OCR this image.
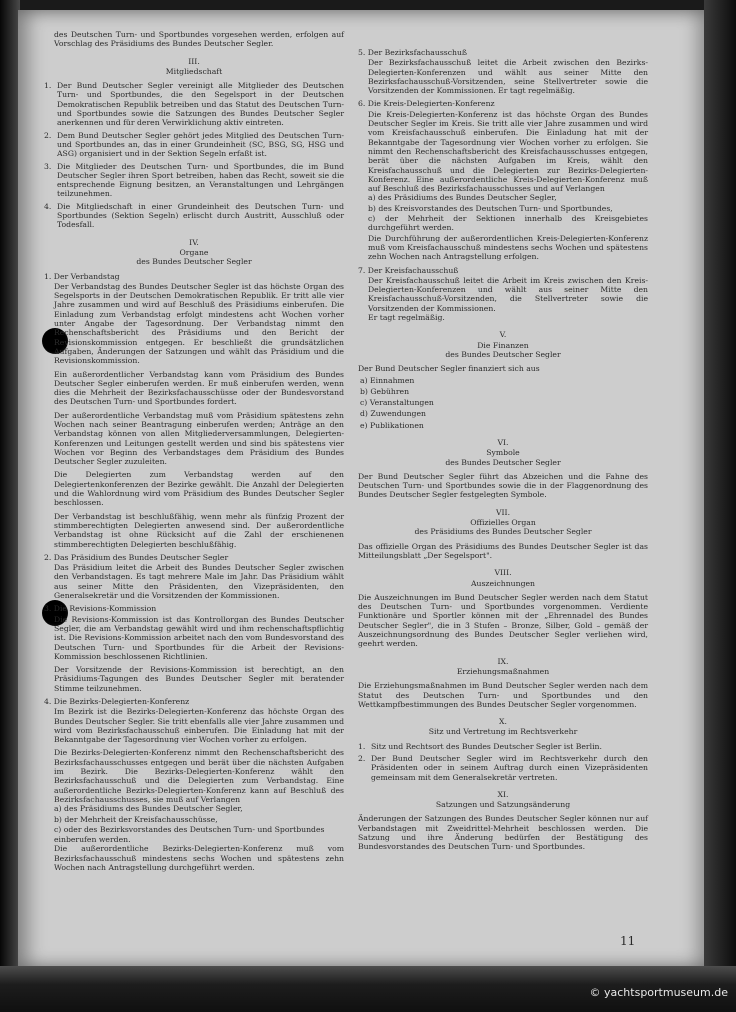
des Deutschen Turn- und Sportbundes vorgesehen werden, erfolgen auf Vorschlag des Präsidiums des Bundes Deutscher Segler.
III.
Mitgliedschaft
1. Der Bund Deutscher Segler vereinigt alle Mitglieder des Deutschen Turn- und Sportbundes, die den Segelsport in der Deutschen Demokratischen Republik betreiben und das Statut des Deutschen Turn- und Sportbundes sowie die Satzungen des Bundes Deutscher Segler anerkennen und für deren Verwirklichung aktiv eintreten.
2. Dem Bund Deutscher Segler gehört jedes Mitglied des Deutschen Turn- und Sportbundes an, das in einer Grundeinheit (SC, BSG, SG, HSG und ASG) organisiert und in der Sektion Segeln erfaßt ist.
3. Die Mitglieder des Deutschen Turn- und Sportbundes, die im Bund Deutscher Segler ihren Sport betreiben, haben das Recht, soweit sie die entsprechende Eignung besitzen, an Veranstaltungen und Lehrgängen teilzunehmen.
4. Die Mitgliedschaft in einer Grundeinheit des Deutschen Turn- und Sportbundes (Sektion Segeln) erlischt durch Austritt, Ausschluß oder Todesfall.
IV.
Organe
des Bundes Deutscher Segler
1. Der Verbandstag
Der Verbandstag des Bundes Deutscher Segler ist das höchste Organ des Segelsports in der Deutschen Demokratischen Republik. Er tritt alle vier Jahre zusammen und wird auf Beschluß des Präsidiums einberufen. Die Einladung zum Verbandstag erfolgt mindestens acht Wochen vorher unter Angabe der Tagesordnung. Der Verbandstag nimmt den Rechenschaftsbericht des Präsidiums und den Bericht der Revisionskommission entgegen. Er beschließt die grundsätzlichen Aufgaben, Änderungen der Satzungen und wählt das Präsidium und die Revisionskommission.
Ein außerordentlicher Verbandstag kann vom Präsidium des Bundes Deutscher Segler einberufen werden. Er muß einberufen werden, wenn dies die Mehrheit der Bezirksfachausschüsse oder der Bundesvorstand des Deutschen Turn- und Sportbundes fordert.
Der außerordentliche Verbandstag muß vom Präsidium spätestens zehn Wochen nach seiner Beantragung einberufen werden; Anträge an den Verbandstag können von allen Mitgliederversammlungen, Delegierten-Konferenzen und Leitungen gestellt werden und sind bis spätestens vier Wochen vor Beginn des Verbandstages dem Präsidium des Bundes Deutscher Segler zuzuleiten.
Die Delegierten zum Verbandstag werden auf den Delegiertenkonferenzen der Bezirke gewählt. Die Anzahl der Delegierten und die Wahlordnung wird vom Präsidium des Bundes Deutscher Segler beschlossen.
Der Verbandstag ist beschlußfähig, wenn mehr als fünfzig Prozent der stimmberechtigten Delegierten anwesend sind. Der außerordentliche Verbandstag ist ohne Rücksicht auf die Zahl der erschienenen stimmberechtigten Delegierten beschlußfähig.
2. Das Präsidium des Bundes Deutscher Segler
Das Präsidium leitet die Arbeit des Bundes Deutscher Segler zwischen den Verbandstagen. Es tagt mehrere Male im Jahr. Das Präsidium wählt aus seiner Mitte den Präsidenten, den Vizepräsidenten, den Generalsekretär und die Vorsitzenden der Kommissionen.
3. Die Revisions-Kommission
Die Revisions-Kommission ist das Kontrollorgan des Bundes Deutscher Segler, die am Verbandstag gewählt wird und ihm rechenschaftspflichtig ist. Die Revisions-Kommission arbeitet nach den vom Bundesvorstand des Deutschen Turn- und Sportbundes für die Arbeit der Revisions-Kommission beschlossenen Richtlinien.
Der Vorsitzende der Revisions-Kommission ist berechtigt, an den Präsidiums-Tagungen des Bundes Deutscher Segler mit beratender Stimme teilzunehmen.
4. Die Bezirks-Delegierten-Konferenz
Im Bezirk ist die Bezirks-Delegierten-Konferenz das höchste Organ des Bundes Deutscher Segler. Sie tritt ebenfalls alle vier Jahre zusammen und wird vom Bezirksfachausschuß einberufen. Die Einladung hat mit der Bekanntgabe der Tagesordnung vier Wochen vorher zu erfolgen.
Die Bezirks-Delegierten-Konferenz nimmt den Rechenschaftsbericht des Bezirksfachausschusses entgegen und berät über die nächsten Aufgaben im Bezirk. Die Bezirks-Delegierten-Konferenz wählt den Bezirksfachausschuß und die Delegierten zum Verbandstag. Eine außerordentliche Bezirks-Delegierten-Konferenz kann auf Beschluß des Bezirksfachausschusses, sie muß auf Verlangen
a) des Präsidiums des Bundes Deutscher Segler,
b) der Mehrheit der Kreisfachausschüsse,
c) oder des Bezirksvorstandes des Deutschen Turn- und Sportbundes
einberufen werden.
Die außerordentliche Bezirks-Delegierten-Konferenz muß vom Bezirksfachausschuß mindestens sechs Wochen und spätestens zehn Wochen nach Antragstellung durchgeführt werden.
5. Der Bezirksfachausschuß
Der Bezirksfachausschuß leitet die Arbeit zwischen den Bezirks-Delegierten-Konferenzen und wählt aus seiner Mitte den Bezirksfachausschuß-Vorsitzenden, seine Stellvertreter sowie die Vorsitzenden der Kommissionen. Er tagt regelmäßig.
6. Die Kreis-Delegierten-Konferenz
Die Kreis-Delegierten-Konferenz ist das höchste Organ des Bundes Deutscher Segler im Kreis. Sie tritt alle vier Jahre zusammen und wird vom Kreisfachausschuß einberufen. Die Einladung hat mit der Bekanntgabe der Tagesordnung vier Wochen vorher zu erfolgen. Sie nimmt den Rechenschaftsbericht des Kreisfachausschusses entgegen, berät über die nächsten Aufgaben im Kreis, wählt den Kreisfachausschuß und die Delegierten zur Bezirks-Delegierten-Konferenz. Eine außerordentliche Kreis-Delegierten-Konferenz muß auf Beschluß des Bezirksfachausschusses und auf Verlangen
a) des Präsidiums des Bundes Deutscher Segler,
b) des Kreisvorstandes des Deutschen Turn- und Sportbundes,
c) der Mehrheit der Sektionen innerhalb des Kreisgebietes durchgeführt werden.
Die Durchführung der außerordentlichen Kreis-Delegierten-Konferenz muß vom Kreisfachausschuß mindestens sechs Wochen und spätestens zehn Wochen nach Antragstellung erfolgen.
7. Der Kreisfachausschuß
Der Kreisfachausschuß leitet die Arbeit im Kreis zwischen den Kreis-Delegierten-Konferenzen und wählt aus seiner Mitte den Kreisfachausschuß-Vorsitzenden, die Stellvertreter sowie die Vorsitzenden der Kommissionen.
Er tagt regelmäßig.
V.
Die Finanzen
des Bundes Deutscher Segler
Der Bund Deutscher Segler finanziert sich aus
a) Einnahmen
b) Gebühren
c) Veranstaltungen
d) Zuwendungen
e) Publikationen
VI.
Symbole
des Bundes Deutscher Segler
Der Bund Deutscher Segler führt das Abzeichen und die Fahne des Deutschen Turn- und Sportbundes sowie die in der Flaggenordnung des Bundes Deutscher Segler festgelegten Symbole.
VII.
Offizielles Organ
des Präsidiums des Bundes Deutscher Segler
Das offizielle Organ des Präsidiums des Bundes Deutscher Segler ist das Mitteilungsblatt „Der Segelsport".
VIII.
Auszeichnungen
Die Auszeichnungen im Bund Deutscher Segler werden nach dem Statut des Deutschen Turn- und Sportbundes vorgenommen. Verdiente Funktionäre und Sportler können mit der „Ehrennadel des Bundes Deutscher Segler", die in 3 Stufen – Bronze, Silber, Gold – gemäß der Auszeichnungsordnung des Bundes Deutscher Segler verliehen wird, geehrt werden.
IX.
Erziehungsmaßnahmen
Die Erziehungsmaßnahmen im Bund Deutscher Segler werden nach dem Statut des Deutschen Turn- und Sportbundes und den Wettkampfbestimmungen des Bundes Deutscher Segler vorgenommen.
X.
Sitz und Vertretung im Rechtsverkehr
1. Sitz und Rechtsort des Bundes Deutscher Segler ist Berlin.
2. Der Bund Deutscher Segler wird im Rechtsverkehr durch den Präsidenten oder in seinem Auftrag durch einen Vizepräsidenten gemeinsam mit dem Generalsekretär vertreten.
XI.
Satzungen und Satzungsänderung
Änderungen der Satzungen des Bundes Deutscher Segler können nur auf Verbandstagen mit Zweidrittel-Mehrheit beschlossen werden. Die Satzung und ihre Änderung bedürfen der Bestätigung des Bundesvorstandes des Deutschen Turn- und Sportbundes.
11
© yachtsportmuseum.de
